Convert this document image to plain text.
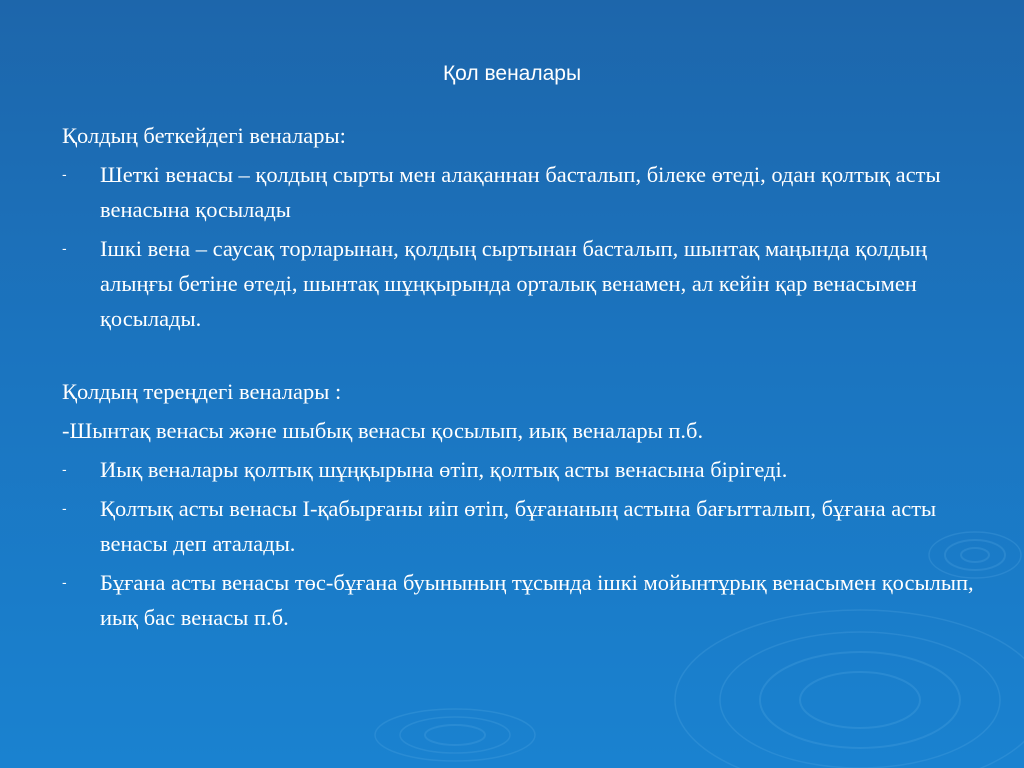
Қол веналары

Қолдың беткейдегі веналары:

-	Шеткі венасы – қолдың сырты мен алақаннан басталып, білеке өтеді, одан қолтық асты венасына қосылады
-	Ішкі вена – саусақ торларынан, қолдың сыртынан басталып, шынтақ маңында қолдың алыңғы бетіне өтеді, шынтақ шұңқырында орталық венамен, ал кейін қар венасымен қосылады.

Қолдың тереңдегі веналары :

-Шынтақ венасы және шыбық венасы қосылып, иық веналары п.б.

-	Иық веналары қолтық шұңқырына өтіп, қолтық асты венасына бірігеді.
-	Қолтық асты венасы І-қабырғаны иіп өтіп, бұғананың астына бағытталып, бұғана асты венасы деп аталады.
-	Бұғана асты венасы төс-бұғана буынының тұсында ішкі мойынтұрық венасымен қосылып, иық бас венасы п.б.
